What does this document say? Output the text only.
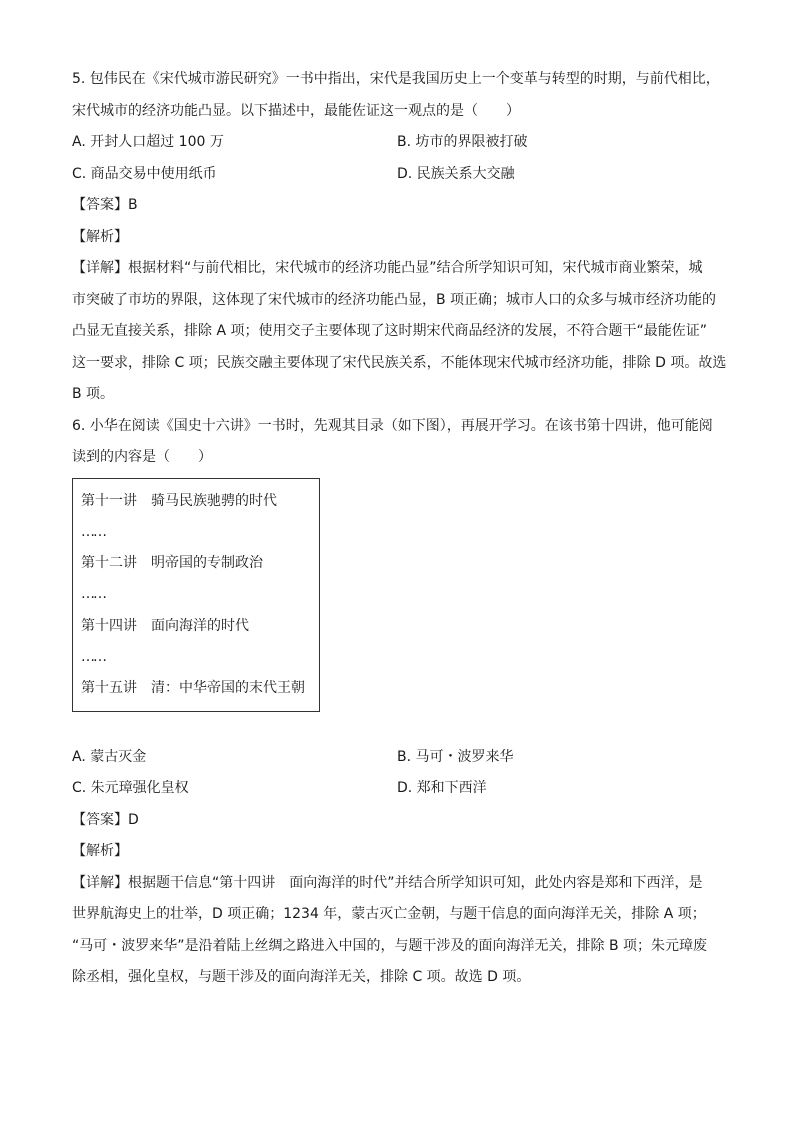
5. 包伟民在《宋代城市游民研究》一书中指出，宋代是我国历史上一个变革与转型的时期，与前代相比，
宋代城市的经济功能凸显。以下描述中，最能佐证这一观点的是（　　）
A. 开封人口超过 100 万	B. 坊市的界限被打破
C. 商品交易中使用纸币	D. 民族关系大交融
【答案】B
【解析】
【详解】根据材料“与前代相比，宋代城市的经济功能凸显”结合所学知识可知，宋代城市商业繁荣，城
市突破了市坊的界限，这体现了宋代城市的经济功能凸显，B 项正确；城市人口的众多与城市经济功能的
凸显无直接关系，排除 A 项；使用交子主要体现了这时期宋代商品经济的发展，不符合题干“最能佐证”
这一要求，排除 C 项；民族交融主要体现了宋代民族关系，不能体现宋代城市经济功能，排除 D 项。故选
B 项。
6. 小华在阅读《国史十六讲》一书时，先观其目录（如下图），再展开学习。在该书第十四讲，他可能阅
读到的内容是（　　）
第十一讲　骑马民族驰骋的时代
……
第十二讲　明帝国的专制政治
……
第十四讲　面向海洋的时代
……
第十五讲　清：中华帝国的末代王朝
A. 蒙古灭金	B. 马可・波罗来华
C. 朱元璋强化皇权	D. 郑和下西洋
【答案】D
【解析】
【详解】根据题干信息“第十四讲　面向海洋的时代”并结合所学知识可知，此处内容是郑和下西洋，是
世界航海史上的壮举，D 项正确；1234 年，蒙古灭亡金朝，与题干信息的面向海洋无关，排除 A 项；
“马可・波罗来华”是沿着陆上丝绸之路进入中国的，与题干涉及的面向海洋无关，排除 B 项；朱元璋废
除丞相，强化皇权，与题干涉及的面向海洋无关，排除 C 项。故选 D 项。
